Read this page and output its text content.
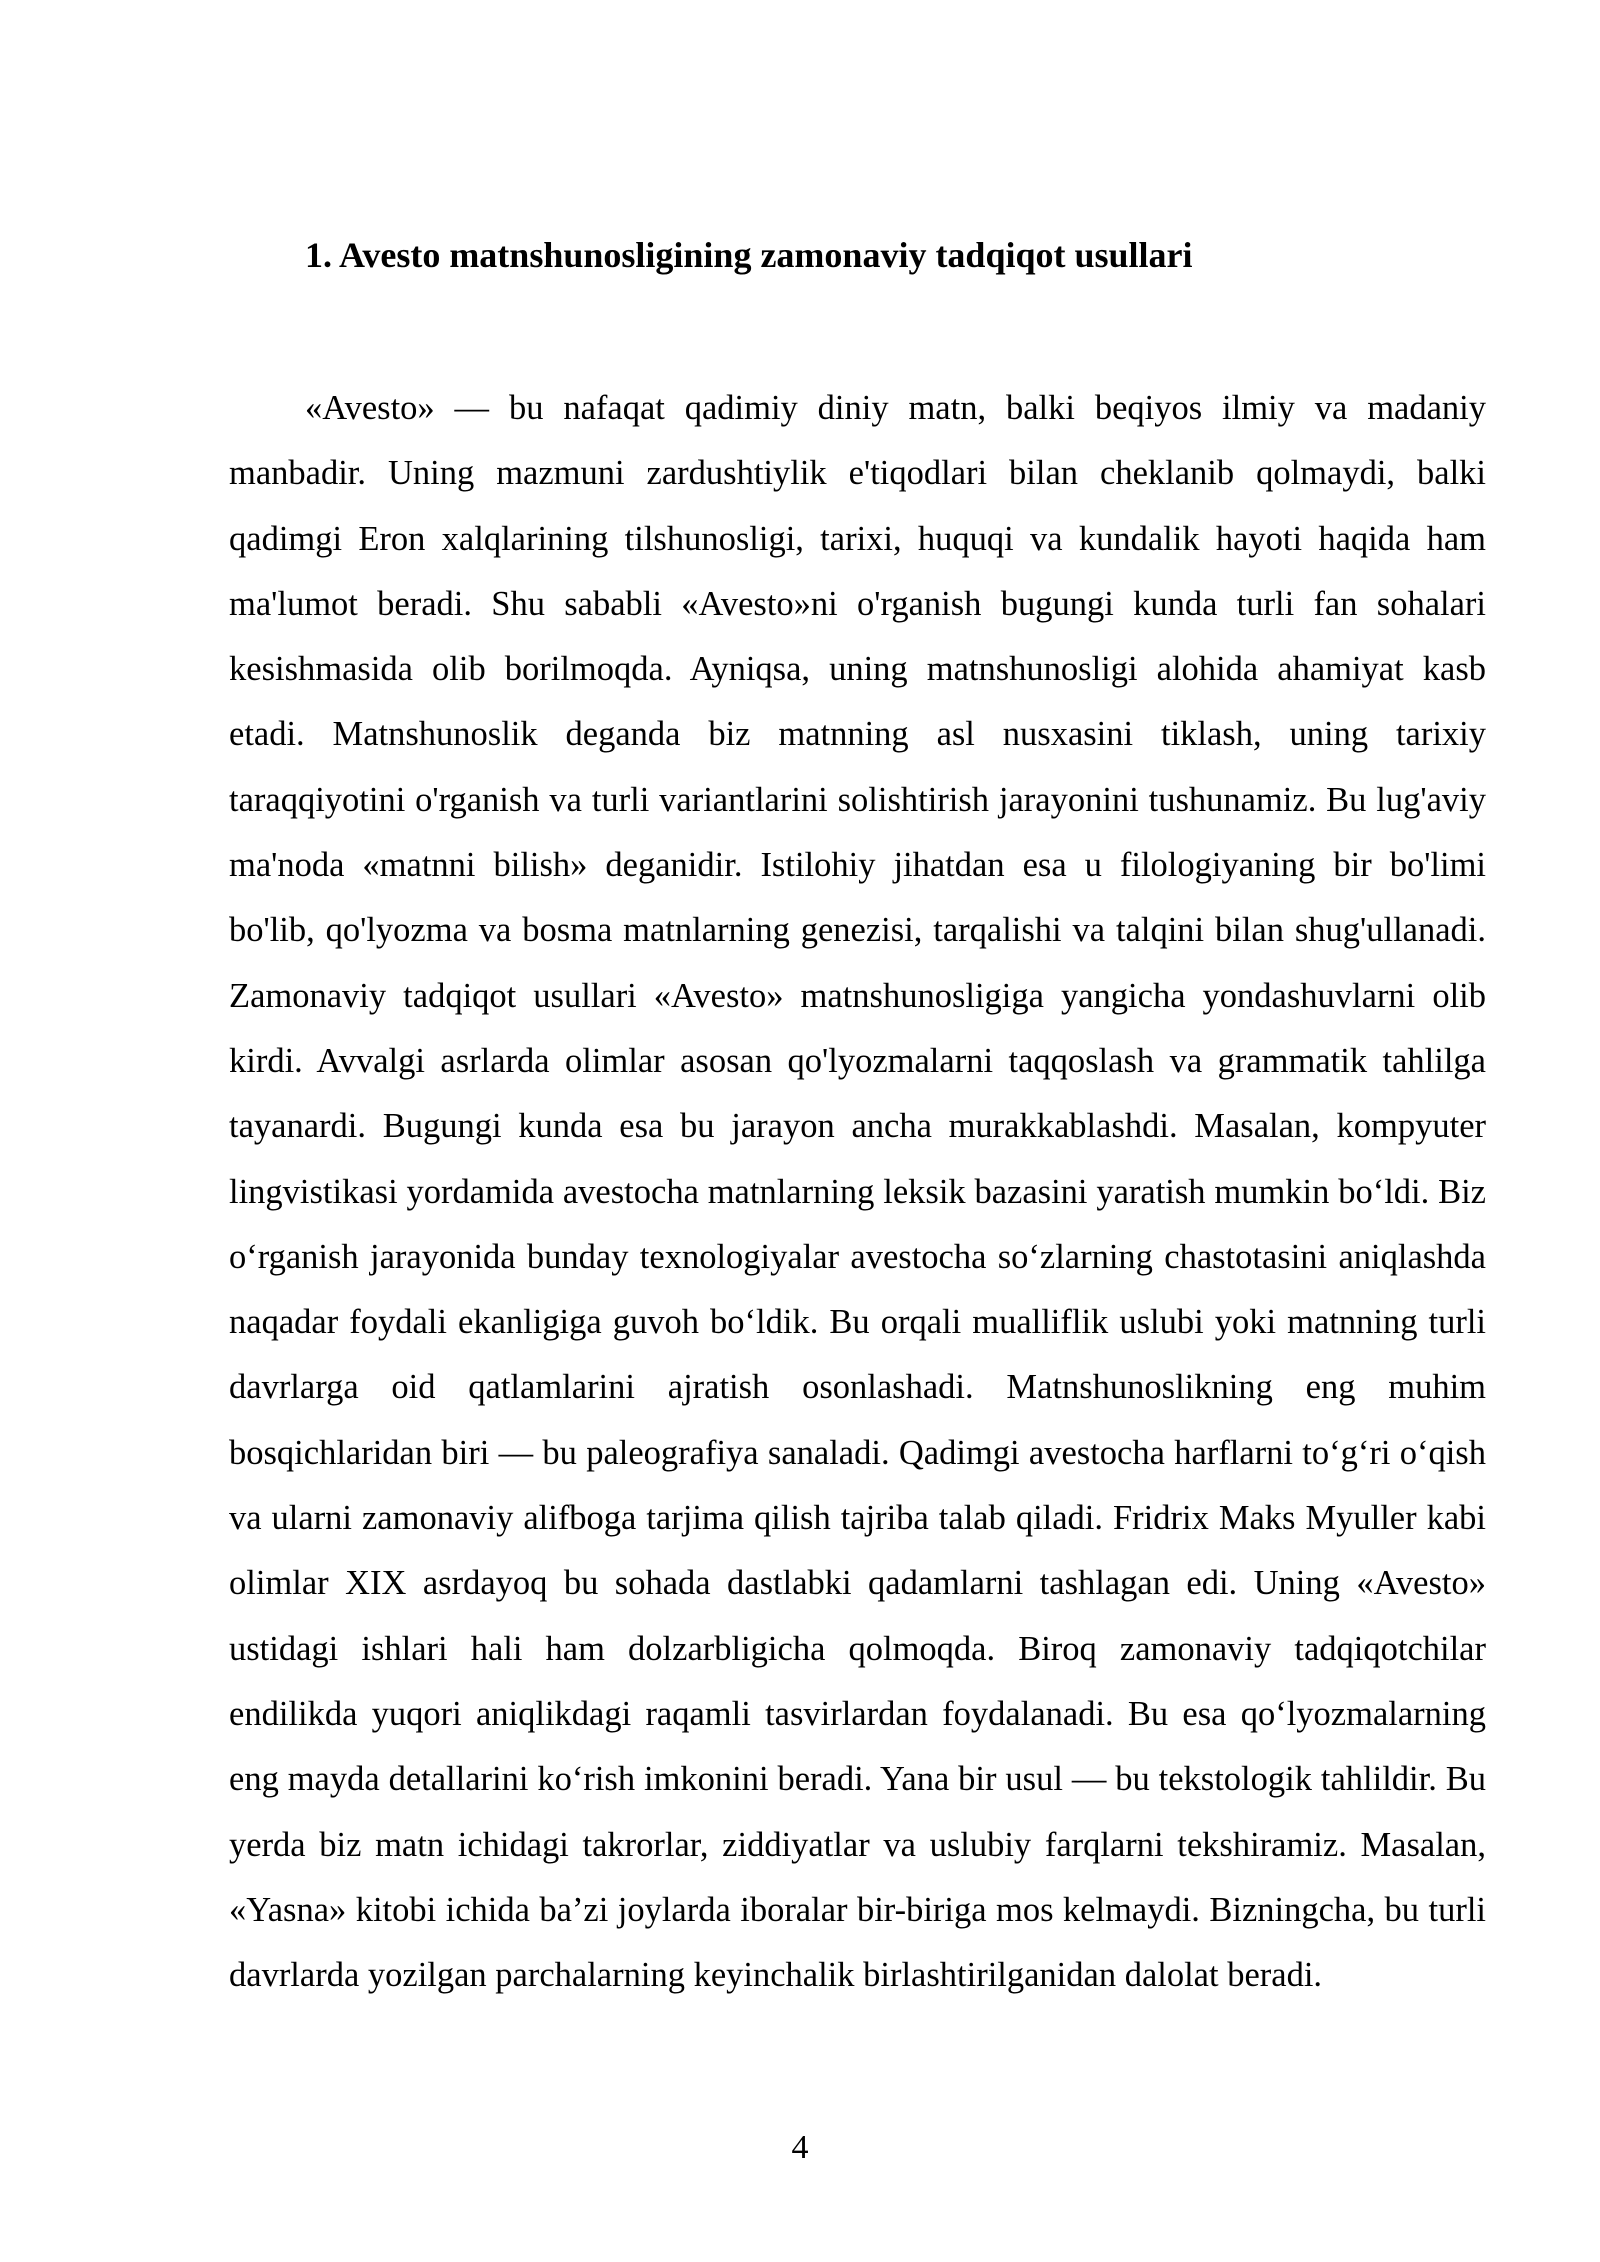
1. Avesto matnshunosligining zamonaviy tadqiqot usullari

«Avesto» — bu nafaqat qadimiy diniy matn, balki beqiyos ilmiy va madaniy manbadir. Uning mazmuni zardushtiylik e'tiqodlari bilan cheklanib qolmaydi, balki qadimgi Eron xalqlarining tilshunosligi, tarixi, huquqi va kundalik hayoti haqida ham ma'lumot beradi. Shu sababli «Avesto»ni o'rganish bugungi kunda turli fan sohalari kesishmasida olib borilmoqda. Ayniqsa, uning matnshunosligi alohida ahamiyat kasb etadi. Matnshunoslik deganda biz matnning asl nusxasini tiklash, uning tarixiy taraqqiyotini o'rganish va turli variantlarini solishtirish jarayonini tushunamiz. Bu lug'aviy ma'noda «matnni bilish» deganidir. Istilohiy jihatdan esa u filologiyaning bir bo'limi bo'lib, qo'lyozma va bosma matnlarning genezisi, tarqalishi va talqini bilan shug'ullanadi. Zamonaviy tadqiqot usullari «Avesto» matnshunosligiga yangicha yondashuvlarni olib kirdi. Avvalgi asrlarda olimlar asosan qo'lyozmalarni taqqoslash va grammatik tahlilga tayanardi. Bugungi kunda esa bu jarayon ancha murakkablashdi. Masalan, kompyuter lingvistikasi yordamida avestocha matnlarning leksik bazasini yaratish mumkin bo‘ldi. Biz o‘rganish jarayonida bunday texnologiyalar avestocha so‘zlarning chastotasini aniqlashda naqadar foydali ekanligiga guvoh bo‘ldik. Bu orqali mualliflik uslubi yoki matnning turli davrlarga oid qatlamlarini ajratish osonlashadi. Matnshunoslikning eng muhim bosqichlaridan biri — bu paleografiya sanaladi. Qadimgi avestocha harflarni to‘g‘ri o‘qish va ularni zamonaviy alifboga tarjima qilish tajriba talab qiladi. Fridrix Maks Myuller kabi olimlar XIX asrdayoq bu sohada dastlabki qadamlarni tashlagan edi. Uning «Avesto» ustidagi ishlari hali ham dolzarbligicha qolmoqda. Biroq zamonaviy tadqiqotchilar endilikda yuqori aniqlikdagi raqamli tasvirlardan foydalanadi. Bu esa qo‘lyozmalarning eng mayda detallarini ko‘rish imkonini beradi. Yana bir usul — bu tekstologik tahlildir. Bu yerda biz matn ichidagi takrorlar, ziddiyatlar va uslubiy farqlarni tekshiramiz. Masalan, «Yasna» kitobi ichida ba’zi joylarda iboralar bir-biriga mos kelmaydi. Bizningcha, bu turli davrlarda yozilgan parchalarning keyinchalik birlashtirilganidan dalolat beradi.

4
